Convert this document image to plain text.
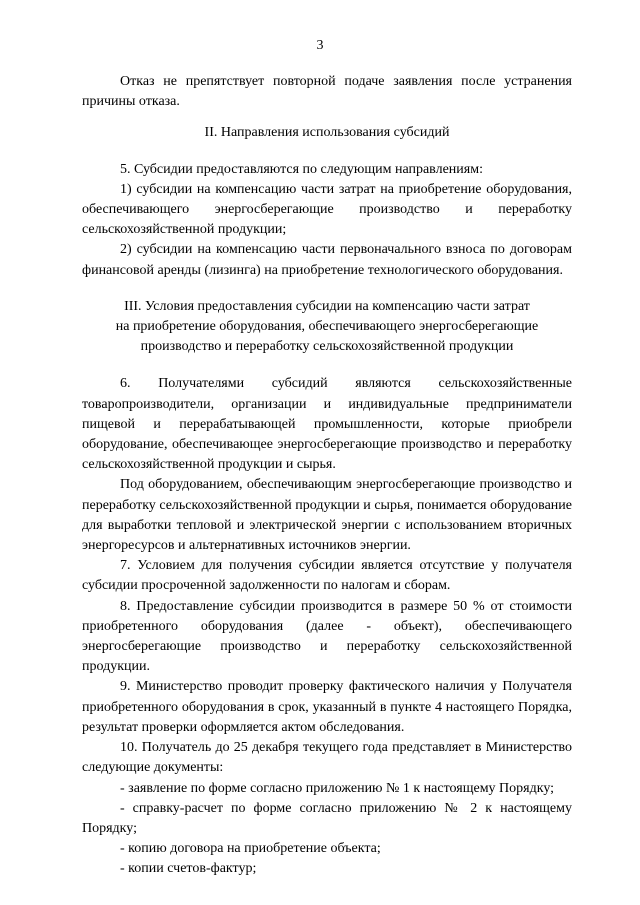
3

Отказ не препятствует повторной подаче заявления после устранения причины отказа.

II. Направления использования субсидий

5. Субсидии предоставляются по следующим направлениям:

1) субсидии на компенсацию части затрат на приобретение оборудования, обеспечивающего энергосберегающие производство и переработку сельскохозяйственной продукции;

2) субсидии на компенсацию части первоначального взноса по договорам финансовой аренды (лизинга) на приобретение технологического оборудования.

III. Условия предоставления субсидии на компенсацию части затрат

на приобретение оборудования, обеспечивающего энергосберегающие

производство и переработку сельскохозяйственной продукции

6. Получателями субсидий являются сельскохозяйственные товаропроизводители, организации и индивидуальные предприниматели пищевой и перерабатывающей промышленности, которые приобрели оборудование, обеспечивающее энергосберегающие производство и переработку сельскохозяйственной продукции и сырья.

Под оборудованием, обеспечивающим энергосберегающие производство и переработку сельскохозяйственной продукции и сырья, понимается оборудование для выработки тепловой и электрической энергии с использованием вторичных энергоресурсов и альтернативных источников энергии.

7. Условием для получения субсидии является отсутствие у получателя субсидии просроченной задолженности по налогам и сборам.

8. Предоставление субсидии производится в размере 50 % от стоимости приобретенного оборудования (далее - объект), обеспечивающего энергосберегающие производство и переработку сельскохозяйственной продукции.

9. Министерство проводит проверку фактического наличия у Получателя приобретенного оборудования в срок, указанный в пункте 4 настоящего Порядка, результат проверки оформляется актом обследования.

10. Получатель до 25 декабря текущего года представляет в Министерство следующие документы:

- заявление по форме согласно приложению № 1 к настоящему Порядку;

- справку-расчет по форме согласно приложению № 2 к настоящему Порядку;

- копию договора на приобретение объекта;

- копии счетов-фактур;
